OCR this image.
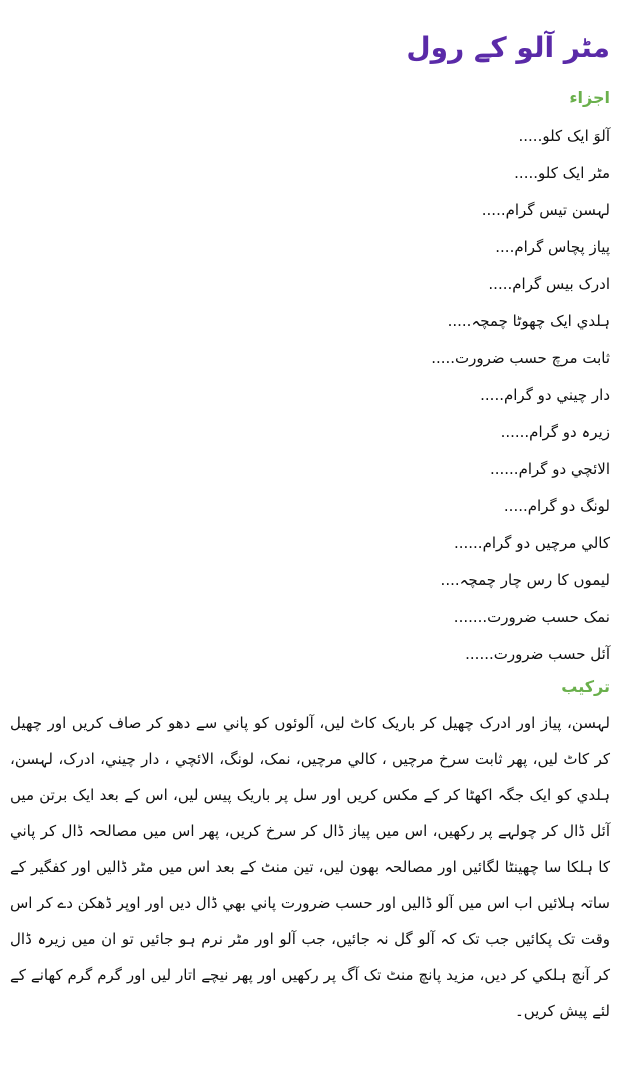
مٹر آلو کے رول
اجزاء
آلوَ ایک کلو.....
مٹر ایک کلو.....
لہسن تیس گرام.....
پیاز پچاس گرام....
ادرک بیس گرام.....
ہلدي ایک چھوٹا چمچہ.....
ثابت مرچ حسب ضرورت.....
دار چیني دو گرام.....
زیرہ دو گرام......
الائچي دو گرام......
لونگ دو گرام.....
کالي مرچیں دو گرام......
لیموں کا رس چار چمچہ....
نمک حسب ضرورت.......
آئل حسب ضرورت......
ترکیب

لہسن، پیاز اور ادرک چھیل کر باریک کاٹ لیں، آلوئوں کو پاني سے دھو کر صاف کریں اور چھیل کر کاٹ لیں، پھر ثابت سرخ مرچیں ، کالي مرچیں، نمک، لونگ، الائچي ، دار چیني، ادرک، لہسن، ہلدي کو ایک جگہ اکھٹا کر کے مکس کریں اور سل پر باریک پیس لیں، اس کے بعد ایک برتن میں آئل ڈال کر چولہے پر رکھیں، اس میں پیاز ڈال کر سرخ کریں، پھر اس میں مصالحہ ڈال کر پاني کا ہلکا سا چھینٹا لگائیں اور مصالحہ بھون لیں، تین منٹ کے بعد اس میں مٹر ڈالیں اور کفگیر کے ساتہ ہلائیں اب اس میں آلو ڈالیں اور حسب ضرورت پاني بھي ڈال دیں اور اوپر ڈھکن دے کر اس وقت تک پکائیں جب تک کہ آلو گل نہ جائیں، جب آلو اور مٹر نرم ہو جائیں تو ان میں زیرہ ڈال کر آنچ ہلکي کر دیں، مزید پانچ منٹ تک آگ پر رکھیں اور پھر نیچے اتار لیں اور گرم گرم کھانے کے لئے پیش کریں۔
